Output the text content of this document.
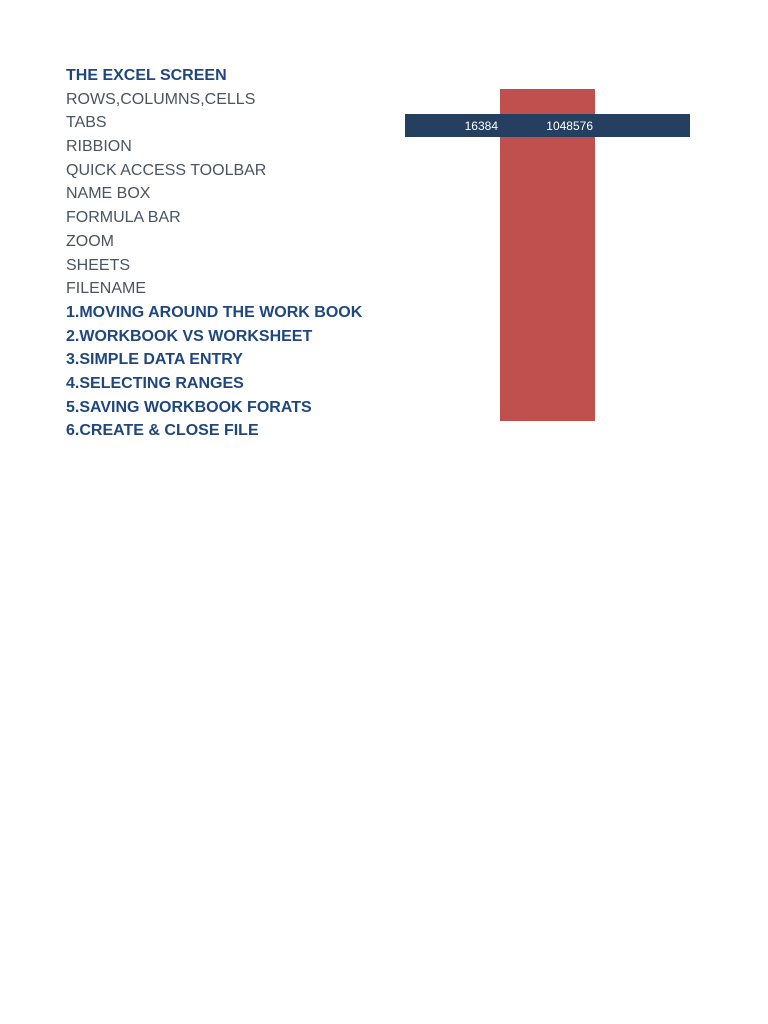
THE EXCEL SCREEN
ROWS,COLUMNS,CELLS
TABS
RIBBION
QUICK ACCESS TOOLBAR
NAME BOX
FORMULA BAR
ZOOM
SHEETS
FILENAME
1.MOVING AROUND THE WORK BOOK
2.WORKBOOK VS WORKSHEET
3.SIMPLE DATA ENTRY
4.SELECTING RANGES
5.SAVING WORKBOOK FORATS
6.CREATE & CLOSE FILE
16384	1048576
